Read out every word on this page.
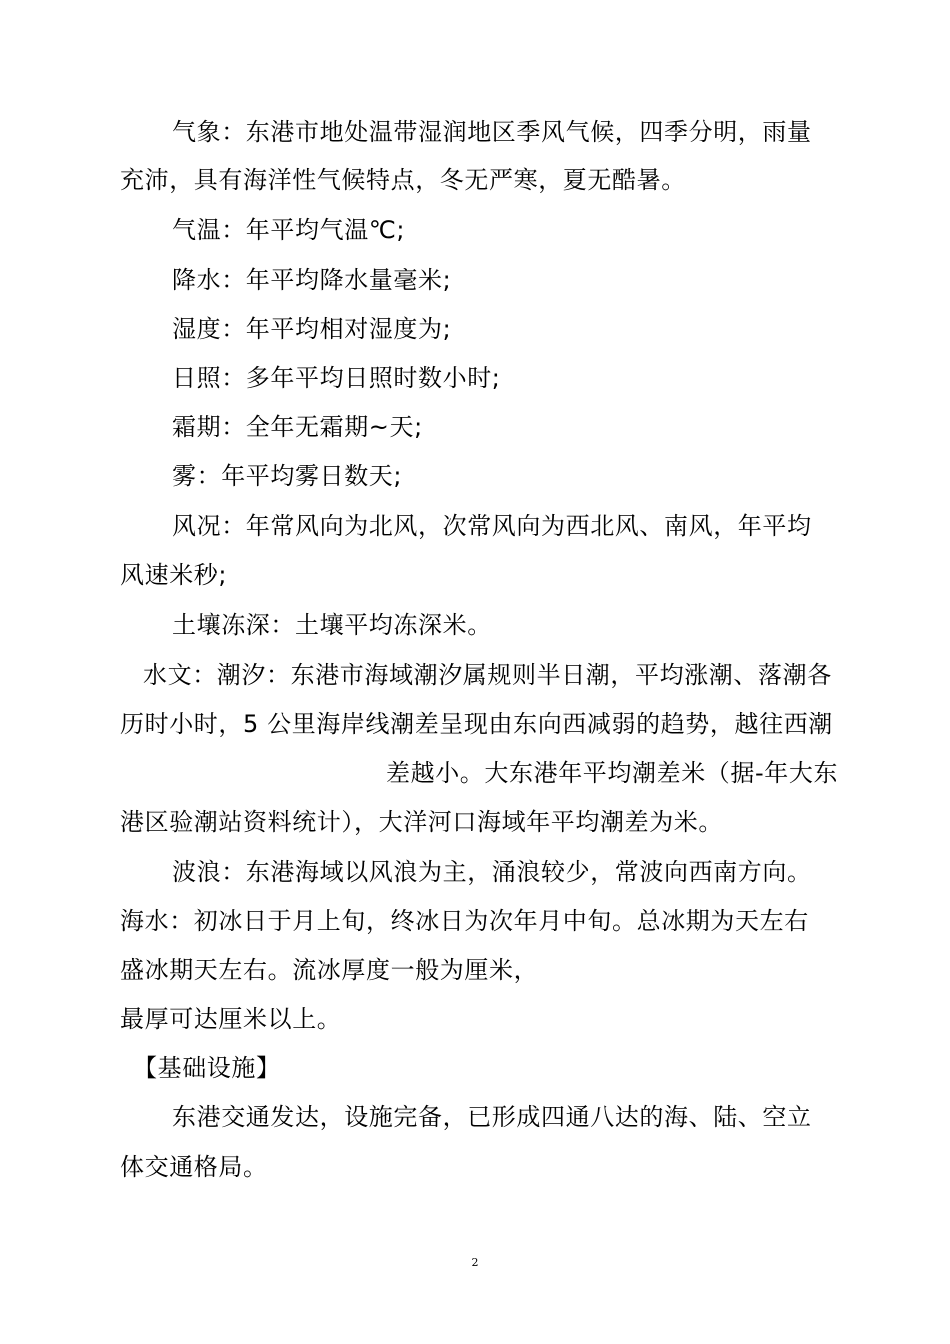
气象：东港市地处温带湿润地区季风气候，四季分明，雨量
充沛，具有海洋性气候特点，冬无严寒，夏无酷暑。
气温：年平均气温℃;
降水：年平均降水量毫米;
湿度：年平均相对湿度为;
日照：多年平均日照时数小时;
霜期：全年无霜期~天;
雾：年平均雾日数天;
风况：年常风向为北风，次常风向为西北风、南风，年平均
风速米秒;
土壤冻深：土壤平均冻深米。
水文：潮汐：东港市海域潮汐属规则半日潮，平均涨潮、落潮各
历时小时，5 公里海岸线潮差呈现由东向西减弱的趋势，越往西潮
差越小。大东港年平均潮差米（据-年大东
港区验潮站资料统计），大洋河口海域年平均潮差为米。
波浪：东港海域以风浪为主，涌浪较少，常波向西南方向。
海水：初冰日于月上旬，终冰日为次年月中旬。总冰期为天左右
盛冰期天左右。流冰厚度一般为厘米，
最厚可达厘米以上。
【基础设施】
东港交通发达，设施完备，已形成四通八达的海、陆、空立
体交通格局。
2
